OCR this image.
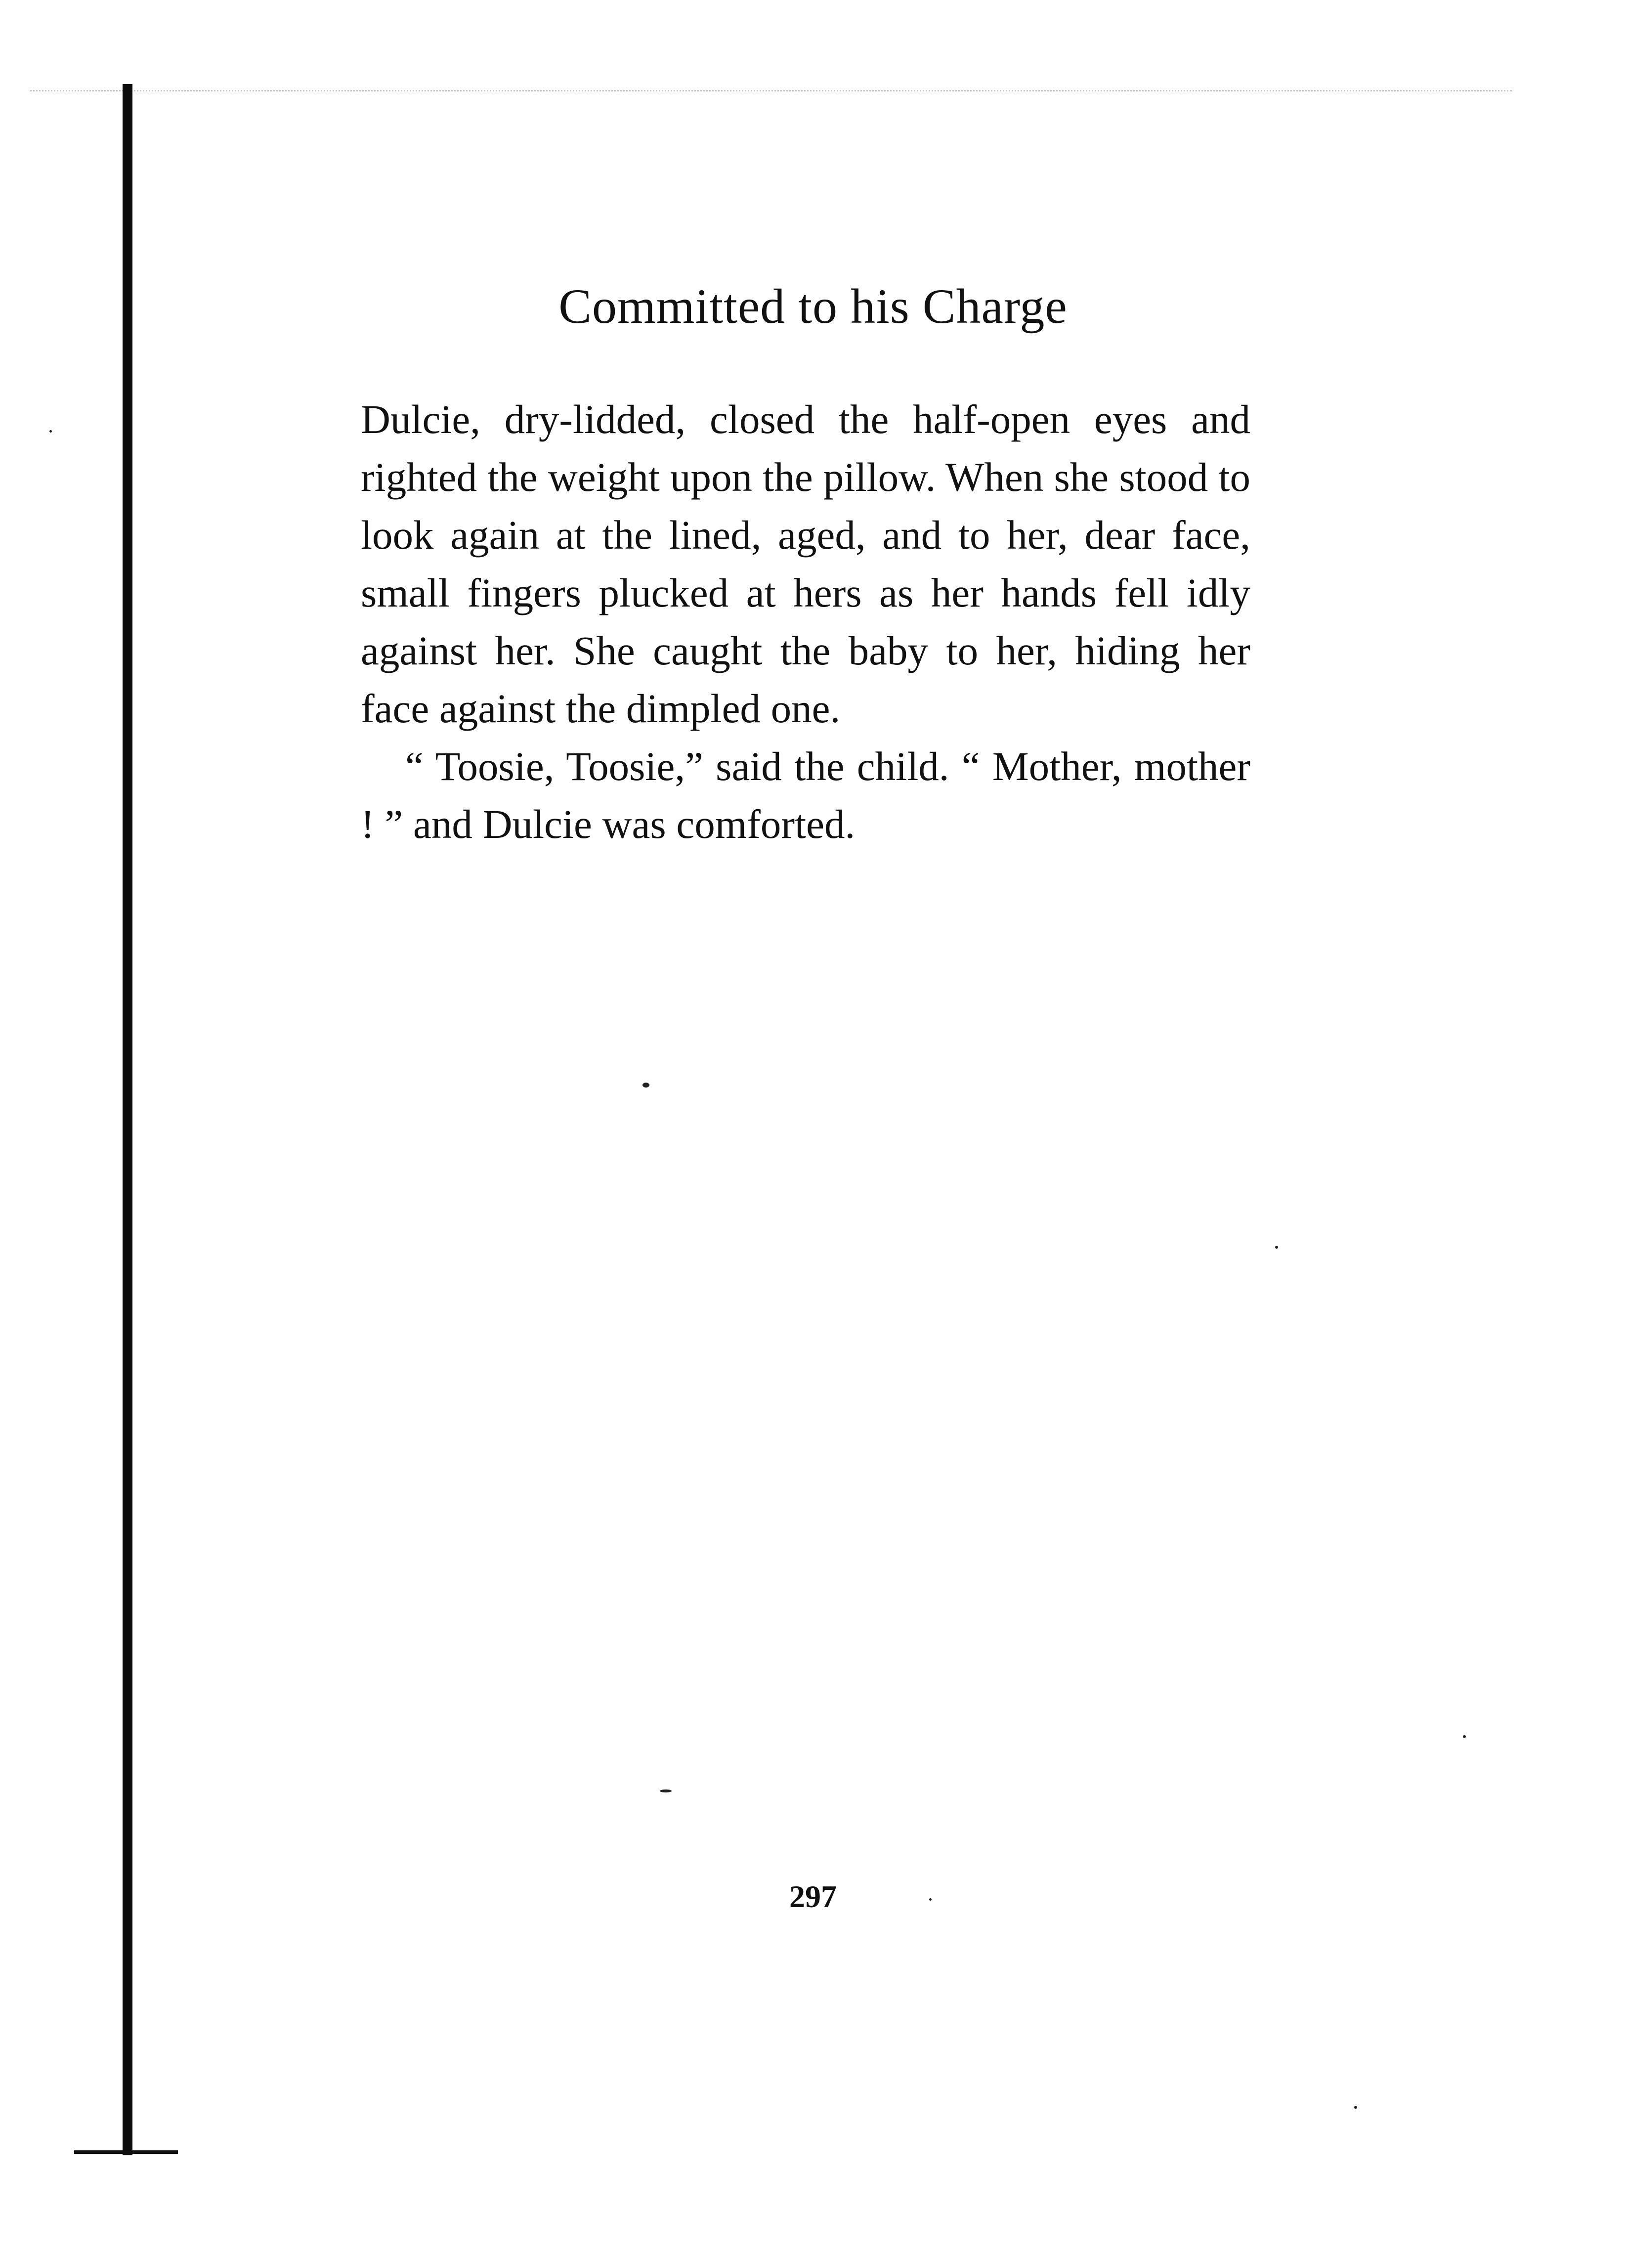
Committed to his Charge

Dulcie, dry-lidded, closed the half-open eyes and righted the weight upon the pillow. When she stood to look again at the lined, aged, and to her, dear face, small fingers plucked at hers as her hands fell idly against her. She caught the baby to her, hiding her face against the dimpled one.

“ Toosie, Toosie,” said the child. “ Mother, mother ! ” and Dulcie was comforted.

297
